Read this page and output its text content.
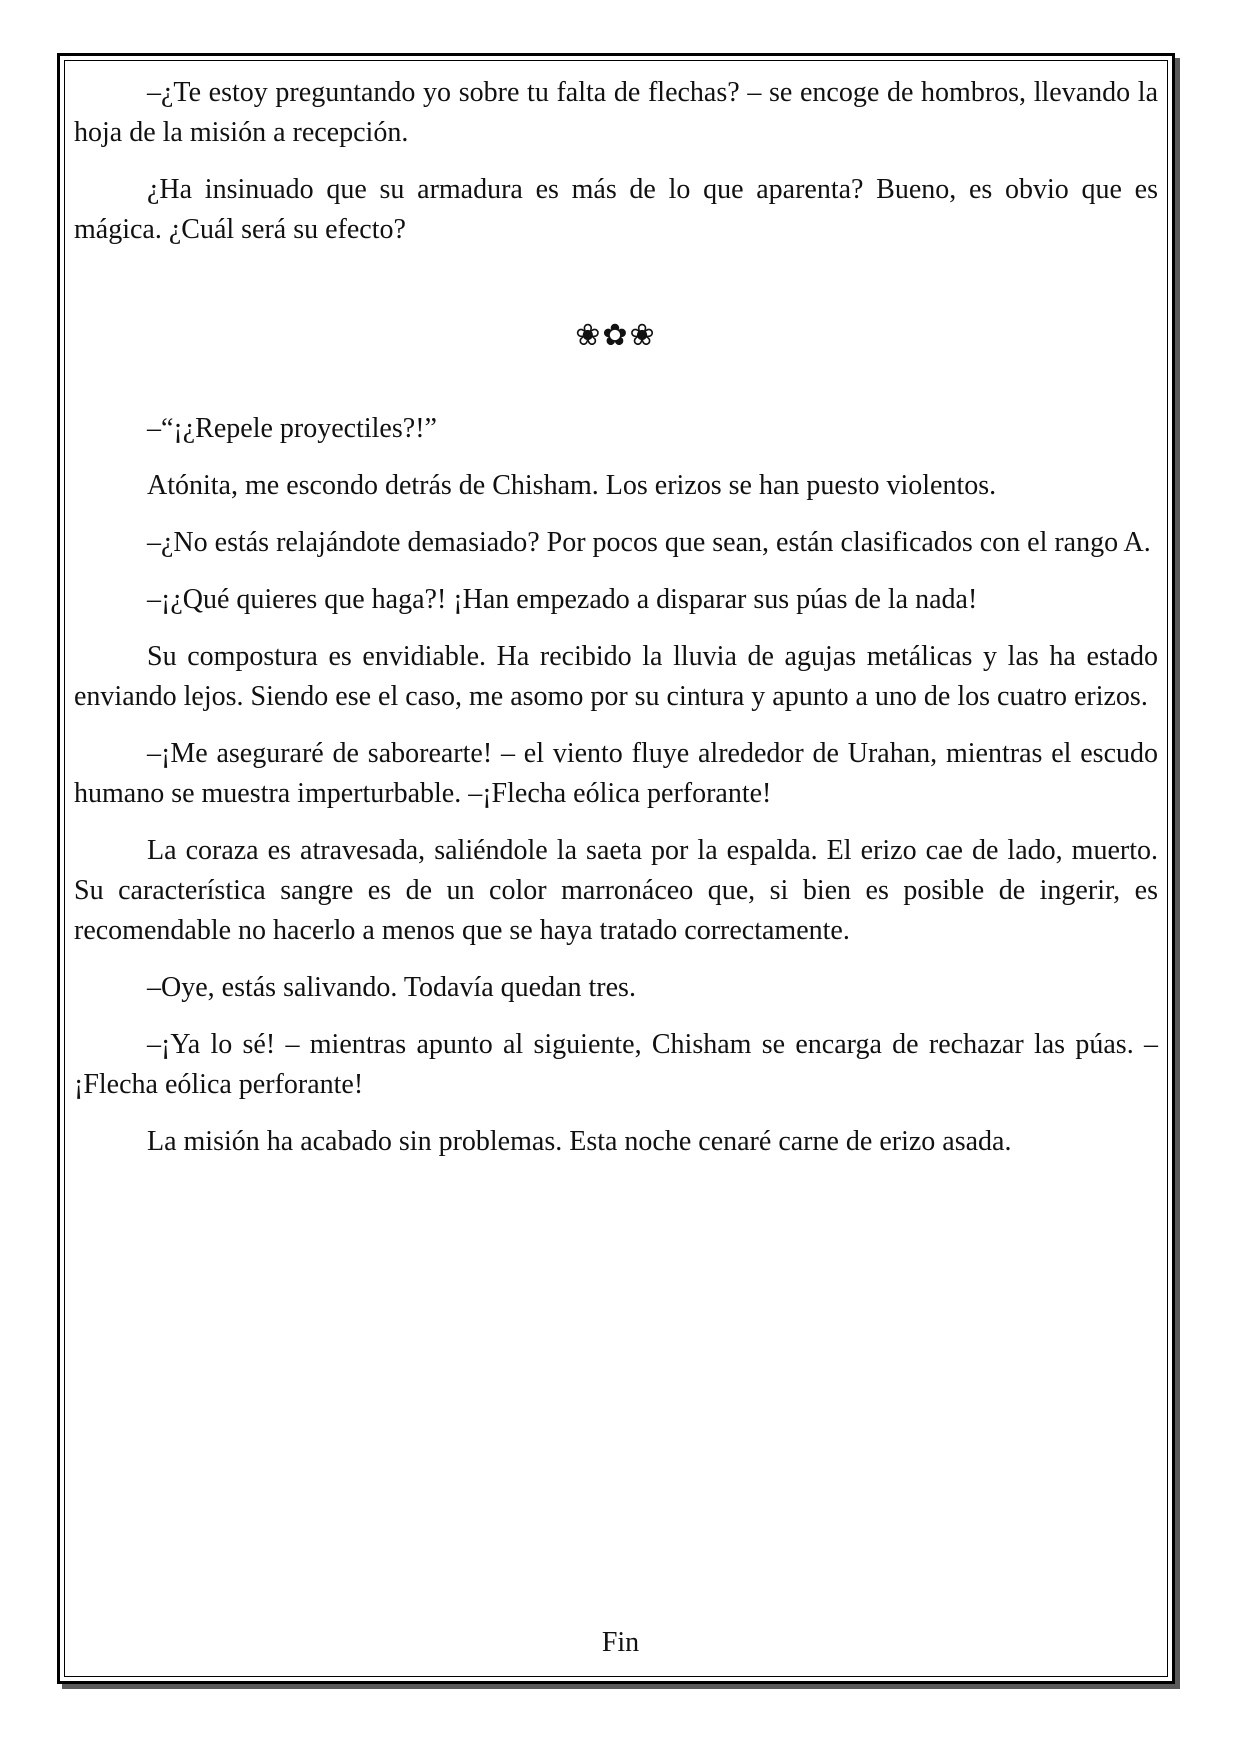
–¿Te estoy preguntando yo sobre tu falta de flechas? – se encoge de hombros, llevando la hoja de la misión a recepción.

¿Ha insinuado que su armadura es más de lo que aparenta? Bueno, es obvio que es mágica. ¿Cuál será su efecto?

❀✿❀

–“¡¿Repele proyectiles?!”

Atónita, me escondo detrás de Chisham. Los erizos se han puesto violentos.

–¿No estás relajándote demasiado? Por pocos que sean, están clasificados con el rango A.

–¡¿Qué quieres que haga?! ¡Han empezado a disparar sus púas de la nada!

Su compostura es envidiable. Ha recibido la lluvia de agujas metálicas y las ha estado enviando lejos. Siendo ese el caso, me asomo por su cintura y apunto a uno de los cuatro erizos.

–¡Me aseguraré de saborearte! – el viento fluye alrededor de Urahan, mientras el escudo humano se muestra imperturbable. –¡Flecha eólica perforante!

La coraza es atravesada, saliéndole la saeta por la espalda. El erizo cae de lado, muerto. Su característica sangre es de un color marronáceo que, si bien es posible de ingerir, es recomendable no hacerlo a menos que se haya tratado correctamente.

–Oye, estás salivando. Todavía quedan tres.

–¡Ya lo sé! – mientras apunto al siguiente, Chisham se encarga de rechazar las púas. –¡Flecha eólica perforante!

La misión ha acabado sin problemas. Esta noche cenaré carne de erizo asada.

Fin
